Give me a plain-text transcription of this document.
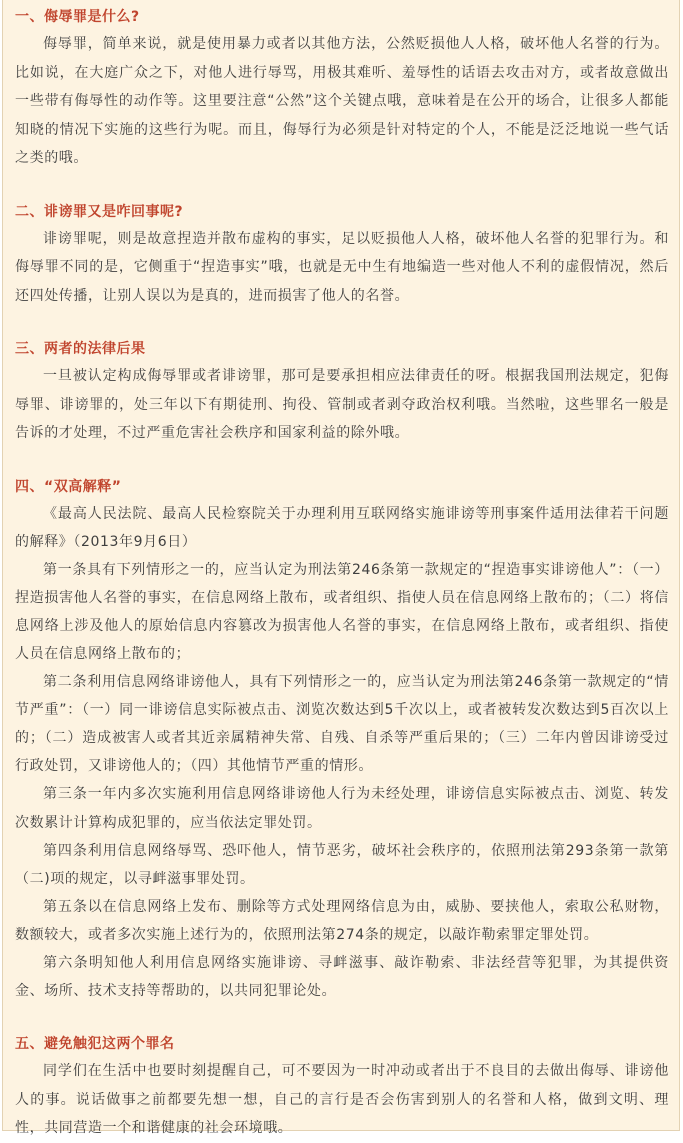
一、侮辱罪是什么?

侮辱罪，简单来说，就是使用暴力或者以其他方法，公然贬损他人人格，破坏他人名誉的行为。比如说，在大庭广众之下，对他人进行辱骂，用极其难听、羞辱性的话语去攻击对方，或者故意做出一些带有侮辱性的动作等。这里要注意“公然”这个关键点哦，意味着是在公开的场合，让很多人都能知晓的情况下实施的这些行为呢。而且，侮辱行为必须是针对特定的个人，不能是泛泛地说一些气话之类的哦。

二、诽谤罪又是咋回事呢?

诽谤罪呢，则是故意捏造并散布虚构的事实，足以贬损他人人格，破坏他人名誉的犯罪行为。和侮辱罪不同的是，它侧重于“捏造事实”哦，也就是无中生有地编造一些对他人不利的虚假情况，然后还四处传播，让别人误以为是真的，进而损害了他人的名誉。

三、两者的法律后果

一旦被认定构成侮辱罪或者诽谤罪，那可是要承担相应法律责任的呀。根据我国刑法规定，犯侮辱罪、诽谤罪的，处三年以下有期徒刑、拘役、管制或者剥夺政治权利哦。当然啦，这些罪名一般是告诉的才处理，不过严重危害社会秩序和国家利益的除外哦。

四、“双高解释”

《最高人民法院、最高人民检察院关于办理利用互联网络实施诽谤等刑事案件适用法律若干问题的解释》（2013年9月6日）

第一条具有下列情形之一的，应当认定为刑法第246条第一款规定的“捏造事实诽谤他人”：（一）捏造损害他人名誉的事实，在信息网络上散布，或者组织、指使人员在信息网络上散布的；（二）将信息网络上涉及他人的原始信息内容篡改为损害他人名誉的事实，在信息网络上散布，或者组织、指使人员在信息网络上散布的；

第二条利用信息网络诽谤他人，具有下列情形之一的，应当认定为刑法第246条第一款规定的“情节严重”：（一）同一诽谤信息实际被点击、浏览次数达到5千次以上，或者被转发次数达到5百次以上的；（二）造成被害人或者其近亲属精神失常、自残、自杀等严重后果的；（三）二年内曾因诽谤受过行政处罚，又诽谤他人的；（四）其他情节严重的情形。

第三条一年内多次实施利用信息网络诽谤他人行为未经处理，诽谤信息实际被点击、浏览、转发次数累计计算构成犯罪的，应当依法定罪处罚。

第四条利用信息网络辱骂、恐吓他人，情节恶劣，破坏社会秩序的，依照刑法第293条第一款第（二)项的规定，以寻衅滋事罪处罚。

第五条以在信息网络上发布、删除等方式处理网络信息为由，威胁、要挟他人，索取公私财物，数额较大，或者多次实施上述行为的，依照刑法第274条的规定，以敲诈勒索罪定罪处罚。

第六条明知他人利用信息网络实施诽谤、寻衅滋事、敲诈勒索、非法经营等犯罪，为其提供资金、场所、技术支持等帮助的，以共同犯罪论处。

五、避免触犯这两个罪名

同学们在生活中也要时刻提醒自己，可不要因为一时冲动或者出于不良目的去做出侮辱、诽谤他人的事。说话做事之前都要先想一想，自己的言行是否会伤害到别人的名誉和人格，做到文明、理性，共同营造一个和谐健康的社会环境哦。
